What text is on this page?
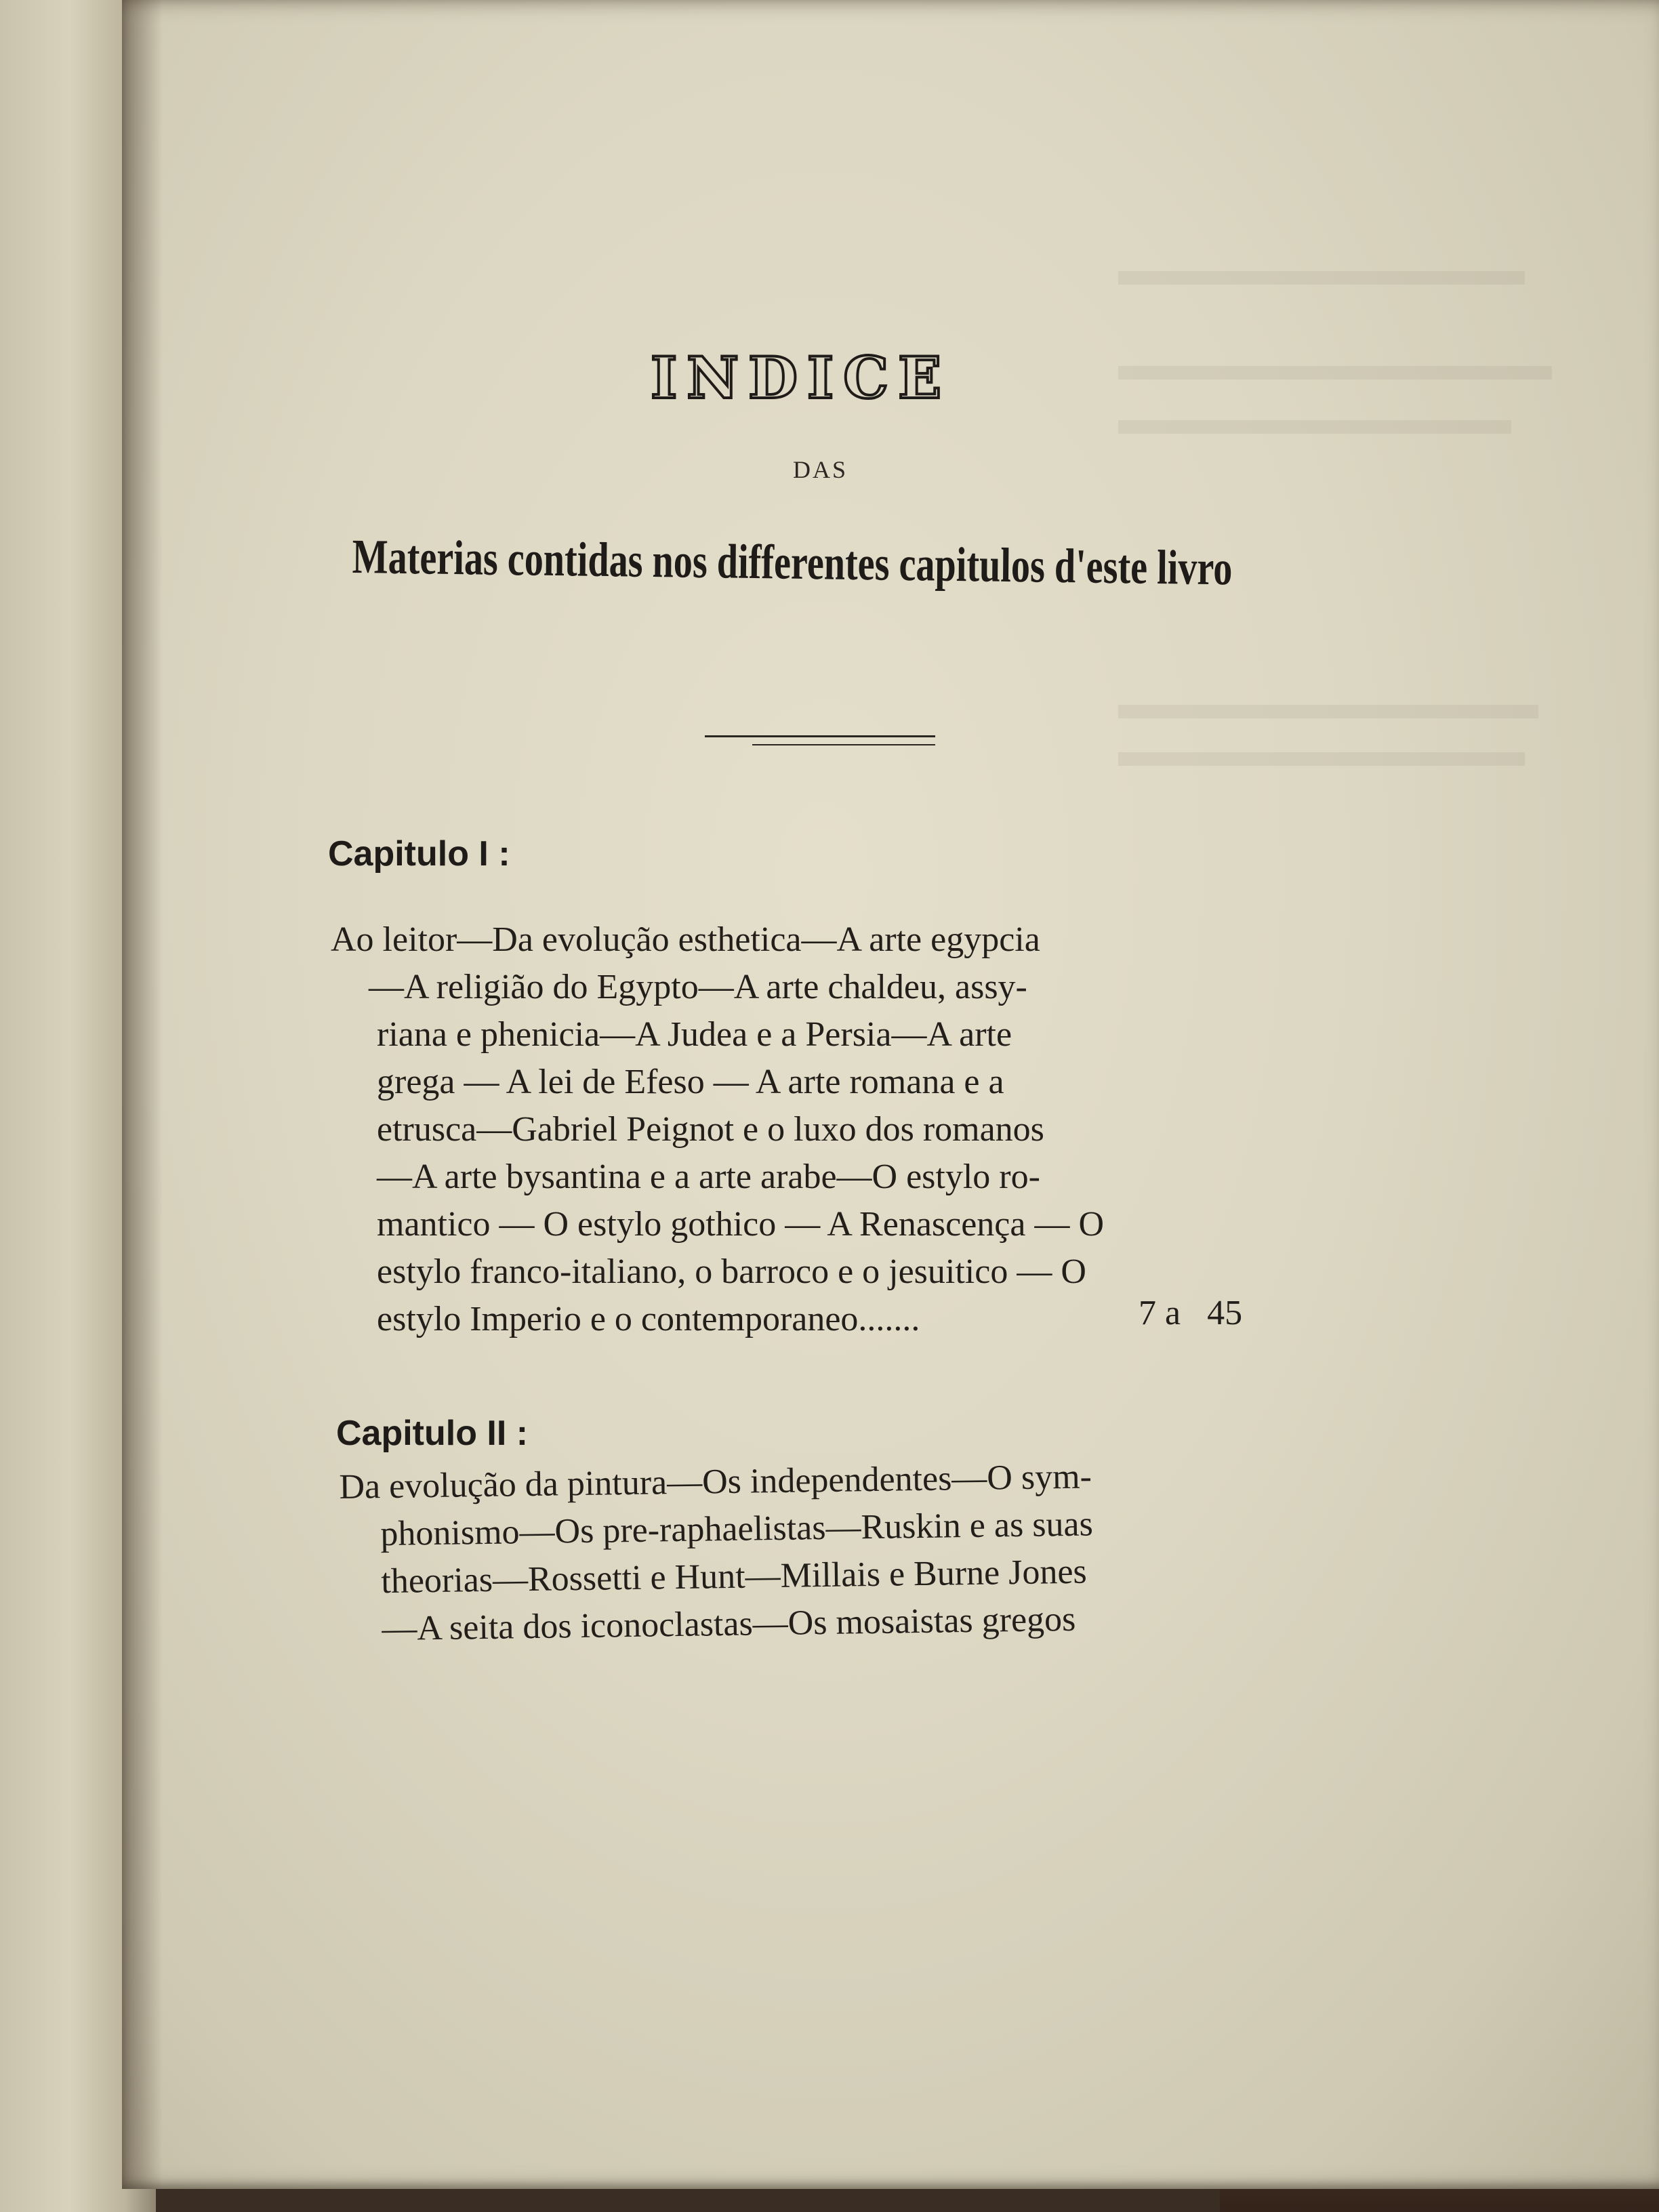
INDICE
DAS
Materias contidas nos differentes capitulos d'este livro
Capitulo I :
Ao leitor—Da evolução esthetica—A arte egypcia
—A religião do Egypto—A arte chaldeu, assy-
riana e phenicia—A Judea e a Persia—A arte
grega — A lei de Efeso — A arte romana e a
etrusca—Gabriel Peignot e o luxo dos romanos
—A arte bysantina e a arte arabe—O estylo ro-
mantico — O estylo gothico — A Renascença — O
estylo franco-italiano, o barroco e o jesuitico — O
estylo Imperio e o contemporaneo.......	7 a   45
Capitulo II :
Da evolução da pintura—Os independentes—O sym-
phonismo—Os pre-raphaelistas—Ruskin e as suas
theorias—Rossetti e Hunt—Millais e Burne Jones
—A seita dos iconoclastas—Os mosaistas gregos
